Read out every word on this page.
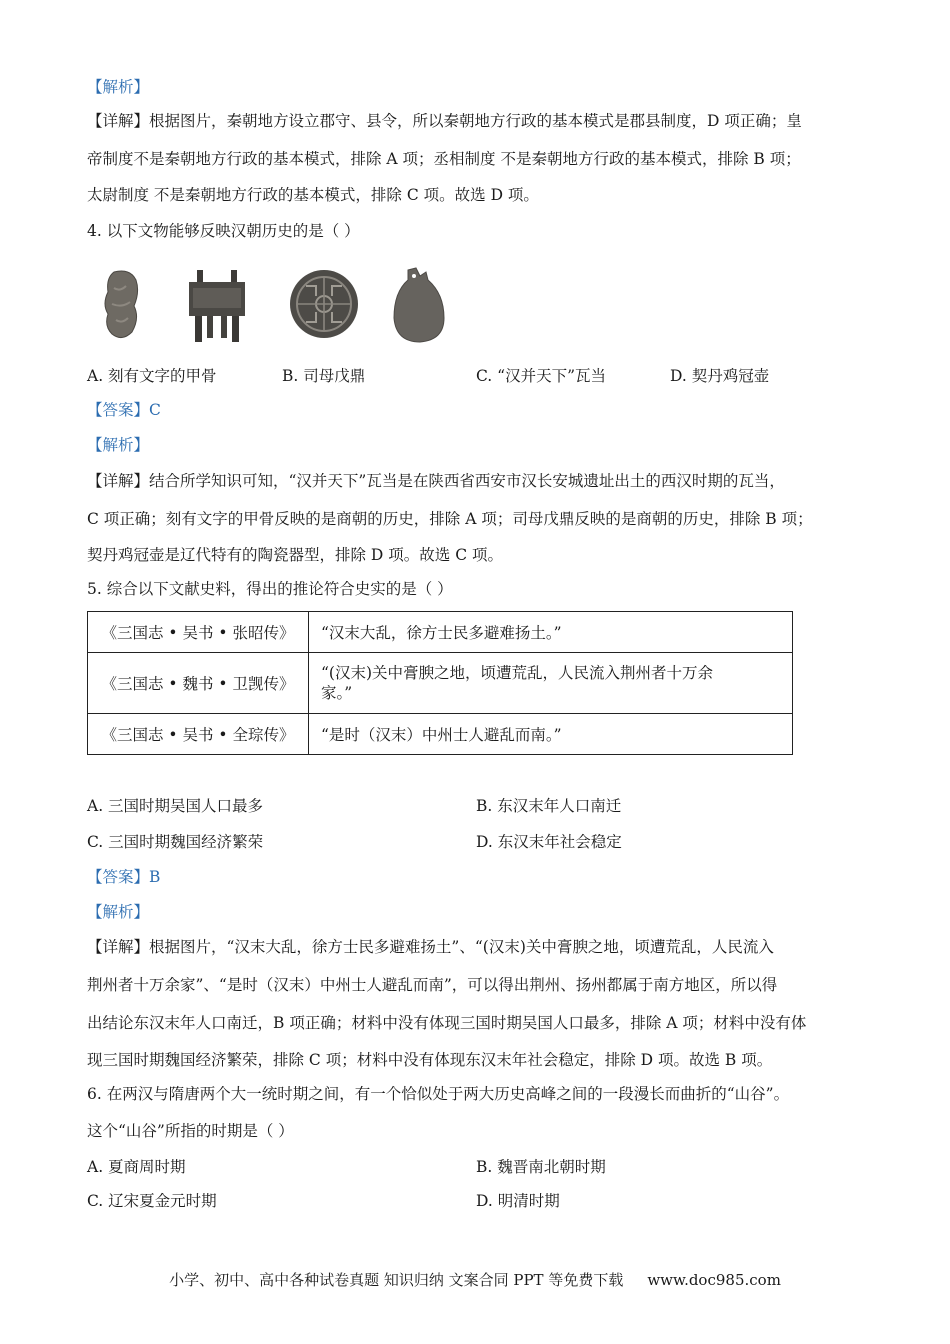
【解析】
【详解】根据图片，秦朝地方设立郡守、县令，所以秦朝地方行政的基本模式是郡县制度，D 项正确；皇
帝制度不是秦朝地方行政的基本模式，排除 A 项；丞相制度 不是秦朝地方行政的基本模式，排除 B 项；
太尉制度 不是秦朝地方行政的基本模式，排除 C 项。故选 D 项。
4. 以下文物能够反映汉朝历史的是（ ）
A. 刻有文字的甲骨	B. 司母戊鼎	C. “汉并天下”瓦当	D. 契丹鸡冠壶
【答案】C
【解析】
【详解】结合所学知识可知，“汉并天下”瓦当是在陕西省西安市汉长安城遗址出土的西汉时期的瓦当，
C 项正确；刻有文字的甲骨反映的是商朝的历史，排除 A 项；司母戊鼎反映的是商朝的历史，排除 B 项；
契丹鸡冠壶是辽代特有的陶瓷器型，排除 D 项。故选 C 项。
5. 综合以下文献史料，得出的推论符合史实的是（ ）
《三国志 • 吴书 • 张昭传》	“汉末大乱，徐方士民多避难扬土。”
《三国志 • 魏书 • 卫觊传》	“(汉末)关中膏腴之地，顷遭荒乱，人民流入荆州者十万余
家。”

《三国志 • 吴书 • 全琮传》	“是时（汉末）中州士人避乱而南。”
A. 三国时期吴国人口最多	B. 东汉末年人口南迁
C. 三国时期魏国经济繁荣	D. 东汉末年社会稳定
【答案】B
【解析】
【详解】根据图片，“汉末大乱，徐方士民多避难扬土”、“(汉末)关中膏腴之地，顷遭荒乱，人民流入
荆州者十万余家”、“是时（汉末）中州士人避乱而南”，可以得出荆州、扬州都属于南方地区，所以得
出结论东汉末年人口南迁，B 项正确；材料中没有体现三国时期吴国人口最多，排除 A 项；材料中没有体
现三国时期魏国经济繁荣，排除 C 项；材料中没有体现东汉末年社会稳定，排除 D 项。故选 B 项。
6. 在两汉与隋唐两个大一统时期之间，有一个恰似处于两大历史高峰之间的一段漫长而曲折的“山谷”。
这个“山谷”所指的时期是（ ）
A. 夏商周时期	B. 魏晋南北朝时期
C. 辽宋夏金元时期	D. 明清时期
小学、初中、高中各种试卷真题 知识归纳 文案合同 PPT 等免费下载 www.doc985.com
